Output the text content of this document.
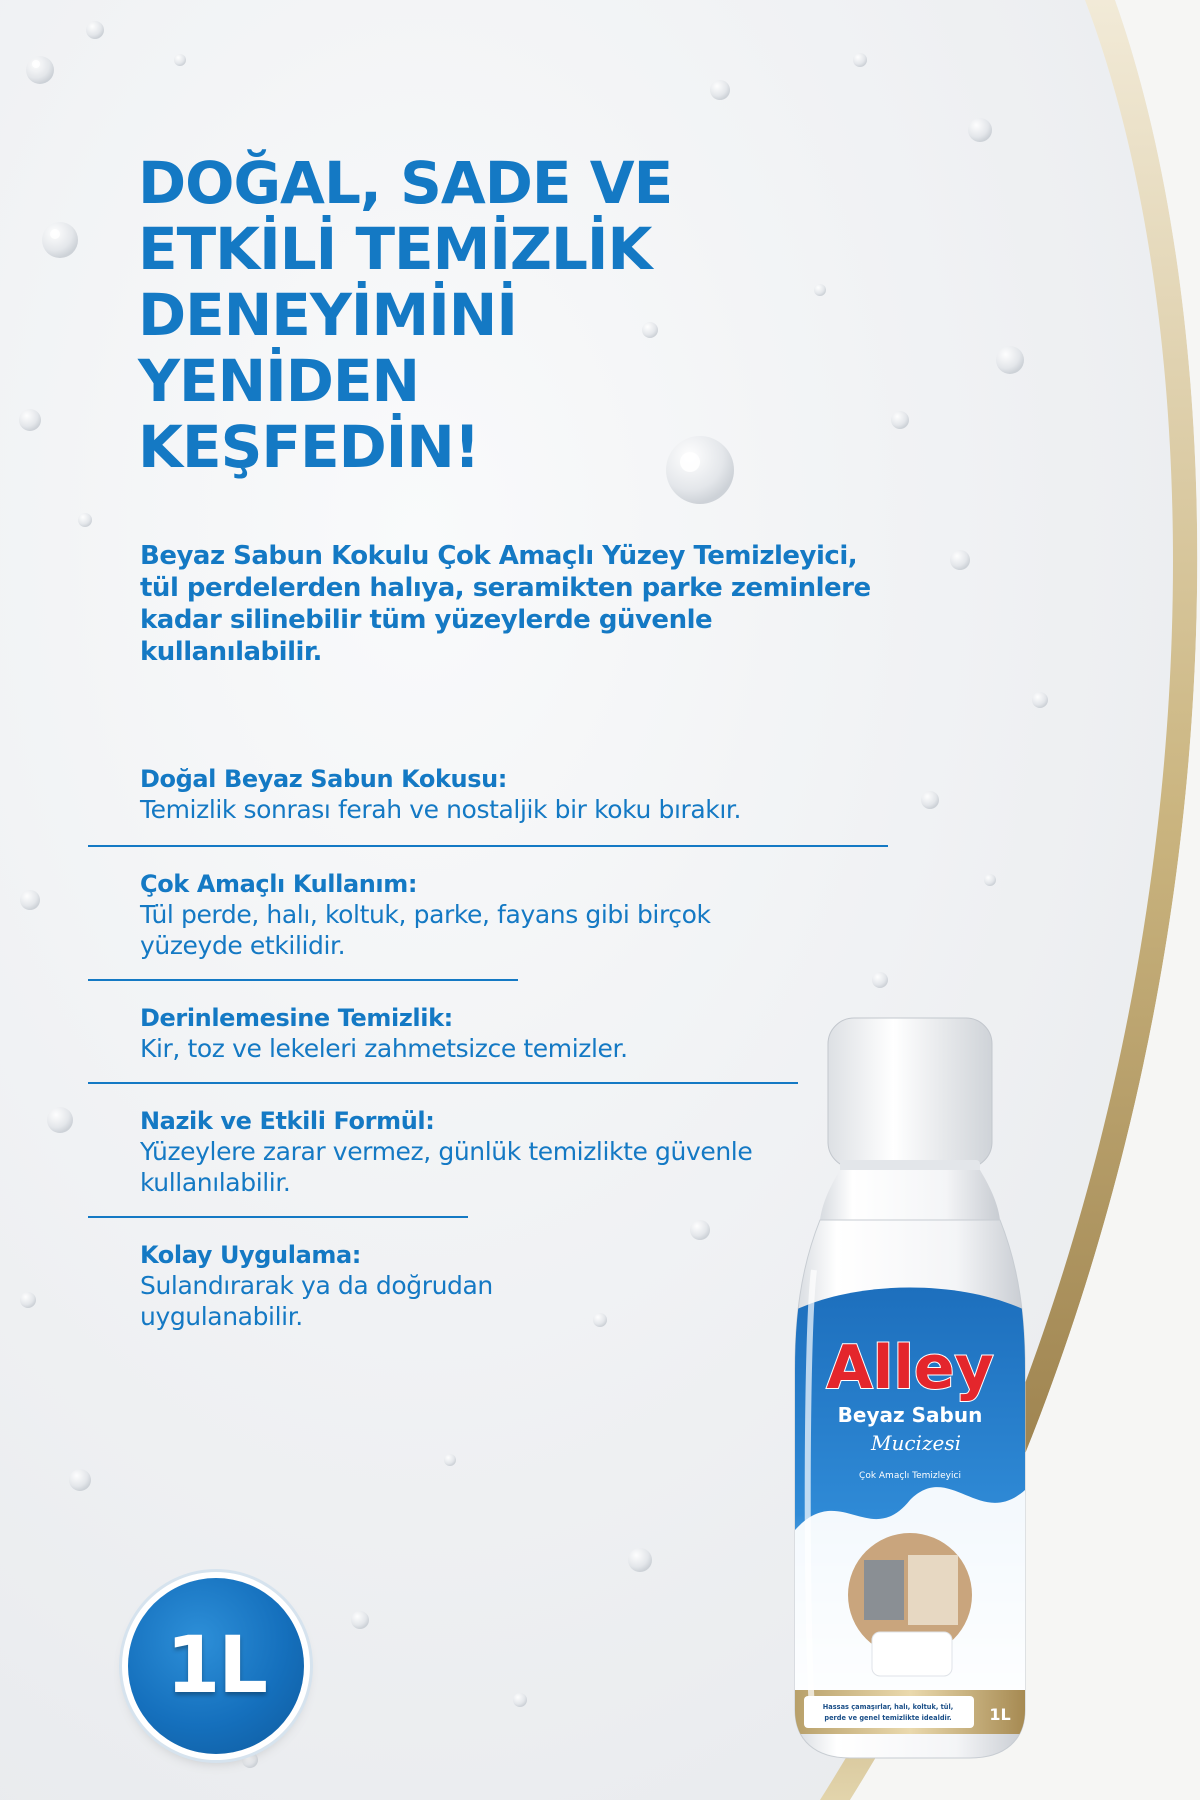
DOĞAL, SADE VE
ETKİLİ TEMİZLİK
DENEYİMİNİ
YENİDEN
KEŞFEDİN!

Beyaz Sabun Kokulu Çok Amaçlı Yüzey Temizleyici, tül perdelerden halıya, seramikten parke zeminlere kadar silinebilir tüm yüzeylerde güvenle kullanılabilir.

Doğal Beyaz Sabun Kokusu:

Temizlik sonrası ferah ve nostaljik bir koku bırakır.

Çok Amaçlı Kullanım:

Tül perde, halı, koltuk, parke, fayans gibi birçok yüzeyde etkilidir.

Derinlemesine Temizlik:

Kir, toz ve lekeleri zahmetsizce temizler.

Nazik ve Etkili Formül:

Yüzeylere zarar vermez, günlük temizlikte güvenle kullanılabilir.

Kolay Uygulama:

Sulandırarak ya da doğrudan uygulanabilir.

1L
Alley
Beyaz Sabun
Mucizesi
Çok Amaçlı Temizleyici
Hassas çamaşırlar, halı, koltuk, tül,
perde ve genel temizlikte idealdir. 1L
